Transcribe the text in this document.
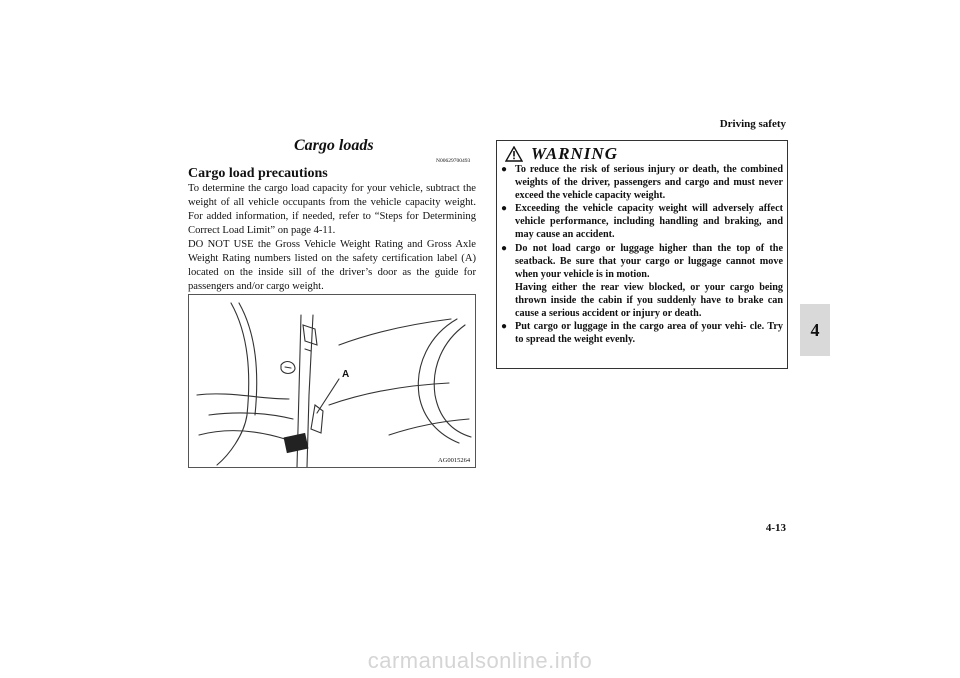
Driving safety
Cargo loads
N00629700493
Cargo load precautions

To determine the cargo load capacity for your vehicle, subtract the weight of all vehicle occupants from the vehicle capacity weight. For added information, if needed, refer to “Steps for Determining Correct Load Limit” on page 4-11.

DO NOT USE the Gross Vehicle Weight Rating and Gross Axle Weight Rating numbers listed on the safety certification label (A) located on the inside sill of the driver’s door as the guide for passengers and/or cargo weight.

A
AG0015264
WARNING
● To reduce the risk of serious injury or death, the combined weights of the driver, passengers and cargo and must never exceed the vehicle capacity weight.

● Exceeding the vehicle capacity weight will adversely affect vehicle performance, including handling and braking, and may cause an accident.

● Do not load cargo or luggage higher than the top of the seatback. Be sure that your cargo or luggage cannot move when your vehicle is in motion.

Having either the rear view blocked, or your cargo being thrown inside the cabin if you suddenly have to brake can cause a serious accident or injury or death.

● Put cargo or luggage in the cargo area of your vehi- cle. Try to spread the weight evenly.	4
4-13
carmanualsonline.info
